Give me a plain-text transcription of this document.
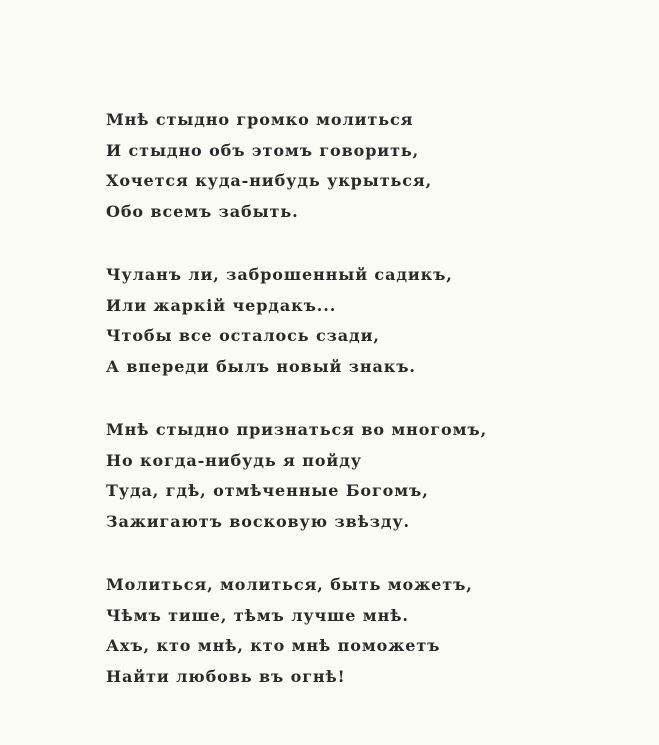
Мнѣ стыдно громко молиться
И стыдно объ этомъ говорить,
Хочется куда-нибудь укрыться,
Обо всемъ забыть.
Чуланъ ли, заброшенный садикъ,
Или жаркій чердакъ...
Чтобы все осталось сзади,
А впереди былъ новый знакъ.
Мнѣ стыдно признаться во многомъ,
Но когда-нибудь я пойду
Туда, гдѣ, отмѣченные Богомъ,
Зажигаютъ восковую звѣзду.
Молиться, молиться, быть можетъ,
Чѣмъ тише, тѣмъ лучше мнѣ.
Ахъ, кто мнѣ, кто мнѣ поможетъ
Найти любовь въ огнѣ!
